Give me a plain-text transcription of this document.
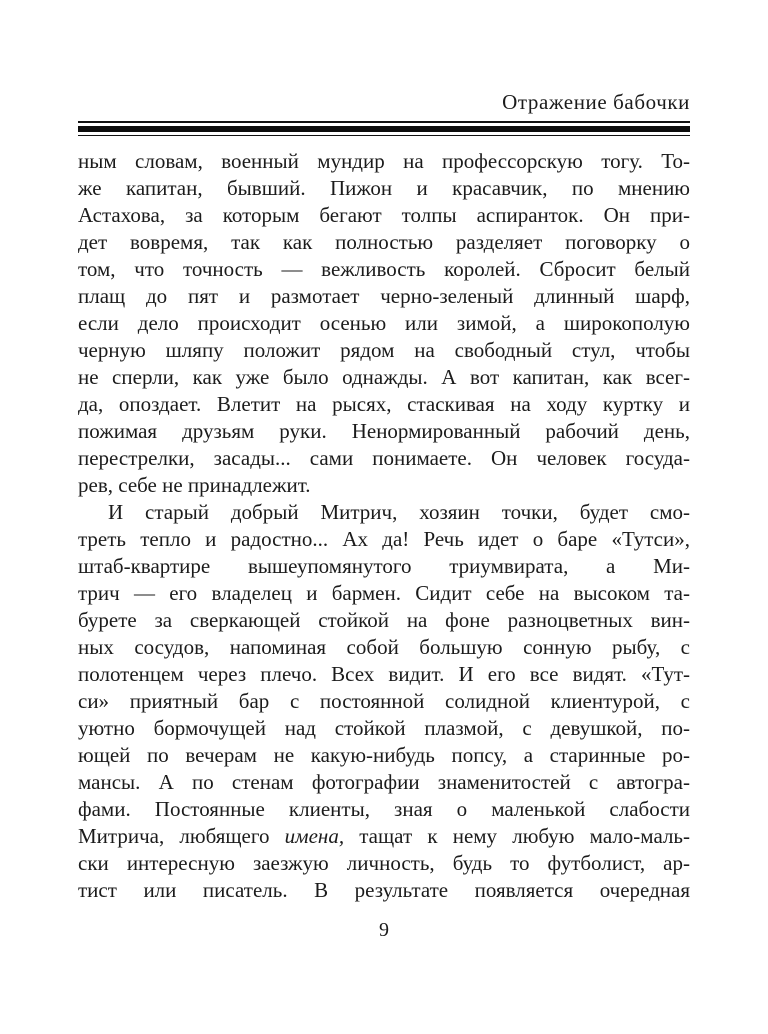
Отражение бабочки
ным словам, военный мундир на профессорскую тогу. То-
же капитан, бывший. Пижон и красавчик, по мнению
Астахова, за которым бегают толпы аспиранток. Он при-
дет вовремя, так как полностью разделяет поговорку о
том, что точность — вежливость королей. Сбросит белый
плащ до пят и размотает черно-зеленый длинный шарф,
если дело происходит осенью или зимой, а широкополую
черную шляпу положит рядом на свободный стул, чтобы
не сперли, как уже было однажды. А вот капитан, как всег-
да, опоздает. Влетит на рысях, стаскивая на ходу куртку и
пожимая друзьям руки. Ненормированный рабочий день,
перестрелки, засады... сами понимаете. Он человек госуда-
рев, себе не принадлежит.
И старый добрый Митрич, хозяин точки, будет смо-
треть тепло и радостно... Ах да! Речь идет о баре «Тутси»,
штаб-квартире вышеупомянутого триумвирата, а Ми-
трич — его владелец и бармен. Сидит себе на высоком та-
бурете за сверкающей стойкой на фоне разноцветных вин-
ных сосудов, напоминая собой большую сонную рыбу, с
полотенцем через плечо. Всех видит. И его все видят. «Тут-
си» приятный бар с постоянной солидной клиентурой, с
уютно бормочущей над стойкой плазмой, с девушкой, по-
ющей по вечерам не какую-нибудь попсу, а старинные ро-
мансы. А по стенам фотографии знаменитостей с автогра-
фами. Постоянные клиенты, зная о маленькой слабости
Митрича, любящего имена, тащат к нему любую мало-маль-
ски интересную заезжую личность, будь то футболист, ар-
тист или писатель. В результате появляется очередная
9
